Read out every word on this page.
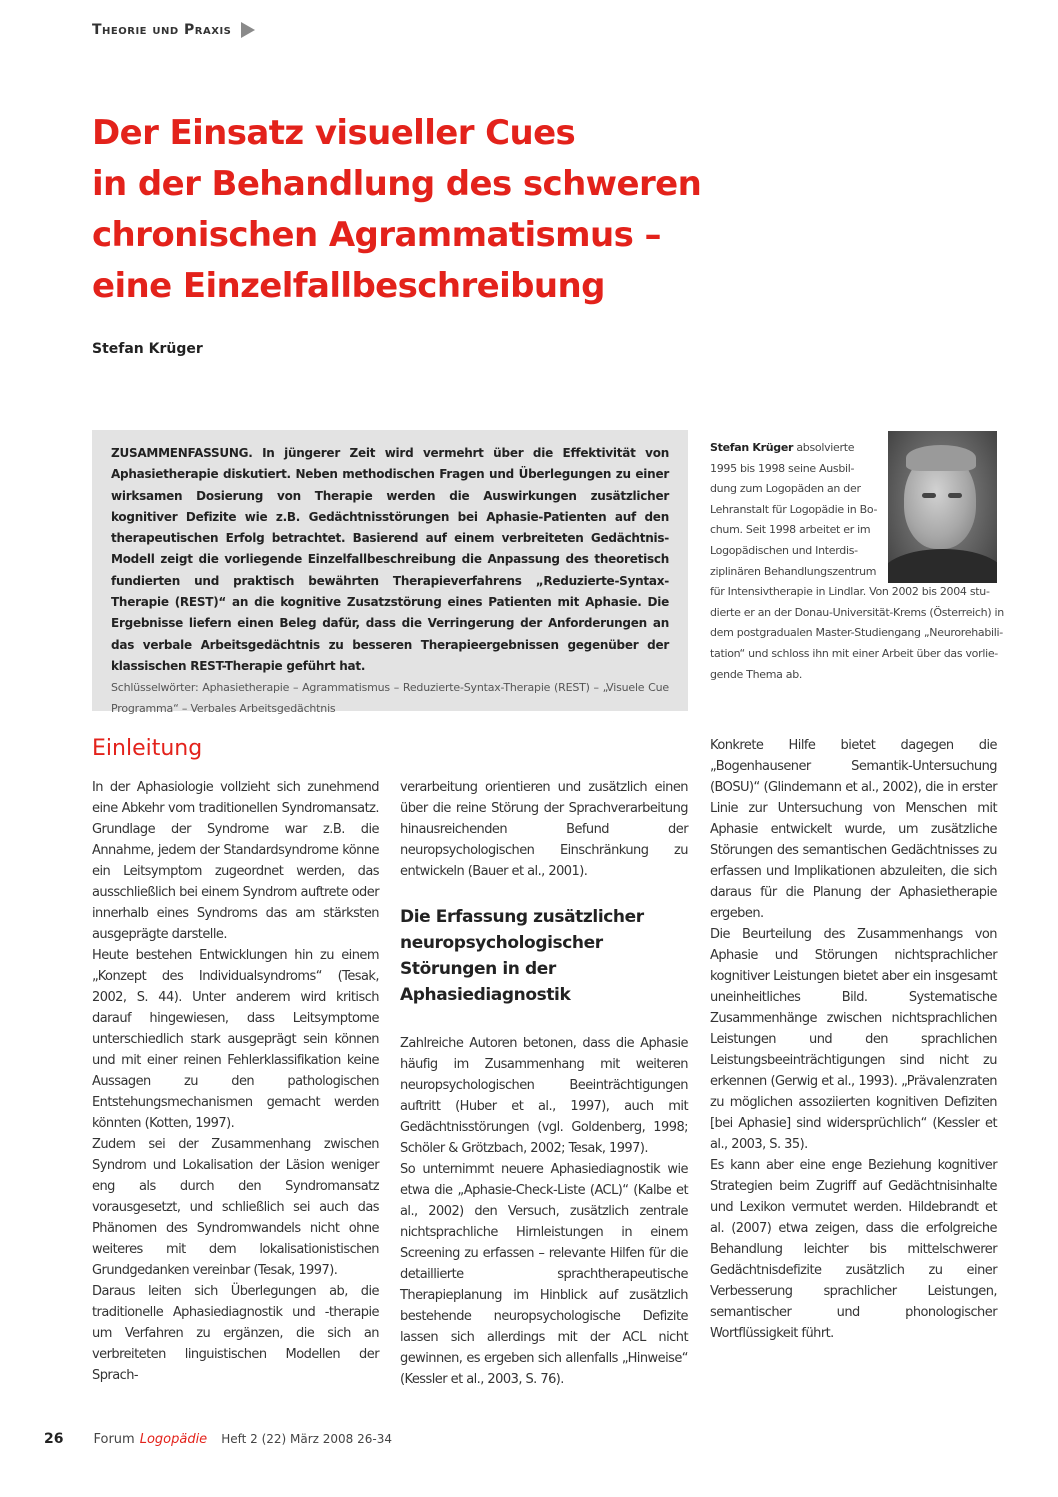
Theorie und Praxis
Der Einsatz visueller Cues
in der Behandlung des schweren
chronischen Agrammatismus –
eine Einzelfallbeschreibung
Stefan Krüger
ZUSAMMENFASSUNG. In jüngerer Zeit wird vermehrt über die Effektivität von Aphasietherapie diskutiert. Neben methodischen Fragen und Überlegungen zu einer wirksamen Dosierung von Therapie werden die Auswirkungen zusätzlicher kognitiver Defizite wie z.B. Gedächtnisstörungen bei Aphasie-Patienten auf den therapeutischen Erfolg betrachtet. Basierend auf einem verbreiteten Gedächtnis-Modell zeigt die vorliegende Einzelfallbeschreibung die Anpassung des theoretisch fundierten und praktisch bewährten Therapieverfahrens „Reduzierte-Syntax-Therapie (REST)“ an die kognitive Zusatzstörung eines Patienten mit Aphasie. Die Ergebnisse liefern einen Beleg dafür, dass die Verringerung der Anforderungen an das verbale Arbeitsgedächtnis zu besseren Therapieergebnissen gegenüber der klassischen REST-Therapie geführt hat.
Schlüsselwörter: Aphasietherapie – Agrammatismus – Reduzierte-Syntax-Therapie (REST) – „Visuele Cue Programma“ – Verbales Arbeitsgedächtnis
Stefan Krüger absolvierte
1995 bis 1998 seine Ausbil-
dung zum Logopäden an der
Lehranstalt für Logopädie in Bo-
chum. Seit 1998 arbeitet er im
Logopädischen und Interdis-
ziplinären Behandlungszentrum
für Intensivtherapie in Lindlar. Von 2002 bis 2004 stu-
dierte er an der Donau-Universität-Krems (Österreich) in
dem postgradualen Master-Studiengang „Neurorehabili-
tation“ und schloss ihn mit einer Arbeit über das vorlie-
gende Thema ab.
Einleitung

In der Aphasiologie vollzieht sich zunehmend eine Abkehr vom traditionellen Syndromansatz. Grundlage der Syndrome war z.B. die Annahme, jedem der Standardsyndrome könne ein Leitsymptom zugeordnet werden, das ausschließlich bei einem Syndrom auftrete oder innerhalb eines Syndroms das am stärksten ausgeprägte darstelle.

Heute bestehen Entwicklungen hin zu einem „Konzept des Individualsyndroms“ (Tesak, 2002, S. 44). Unter anderem wird kritisch darauf hingewiesen, dass Leitsymptome unterschiedlich stark ausgeprägt sein können und mit einer reinen Fehlerklassifikation keine Aussagen zu den pathologischen Entstehungsmechanismen gemacht werden könnten (Kotten, 1997).

Zudem sei der Zusammenhang zwischen Syndrom und Lokalisation der Läsion weniger eng als durch den Syndromansatz vorausgesetzt, und schließlich sei auch das Phänomen des Syndromwandels nicht ohne weiteres mit dem lokalisationistischen Grundgedanken vereinbar (Tesak, 1997).

Daraus leiten sich Überlegungen ab, die traditionelle Aphasiediagnostik und -therapie um Verfahren zu ergänzen, die sich an verbreiteten linguistischen Modellen der Sprach-

verarbeitung orientieren und zusätzlich einen über die reine Störung der Sprachverarbeitung hinausreichenden Befund der neuropsychologischen Einschränkung zu entwickeln (Bauer et al., 2001).

Die Erfassung zusätzlicher neuropsychologischer Störungen in der Aphasiediagnostik

Zahlreiche Autoren betonen, dass die Aphasie häufig im Zusammenhang mit weiteren neuropsychologischen Beeinträchtigungen auftritt (Huber et al., 1997), auch mit Gedächtnisstörungen (vgl. Goldenberg, 1998; Schöler & Grötzbach, 2002; Tesak, 1997).

So unternimmt neuere Aphasiediagnostik wie etwa die „Aphasie-Check-Liste (ACL)“ (Kalbe et al., 2002) den Versuch, zusätzlich zentrale nichtsprachliche Hirnleistungen in einem Screening zu erfassen – relevante Hilfen für die detaillierte sprachtherapeutische Therapieplanung im Hinblick auf zusätzlich bestehende neuropsychologische Defizite lassen sich allerdings mit der ACL nicht gewinnen, es ergeben sich allenfalls „Hinweise“ (Kessler et al., 2003, S. 76).

Konkrete Hilfe bietet dagegen die „Bogenhausener Semantik-Untersuchung (BOSU)“ (Glindemann et al., 2002), die in erster Linie zur Untersuchung von Menschen mit Aphasie entwickelt wurde, um zusätzliche Störungen des semantischen Gedächtnisses zu erfassen und Implikationen abzuleiten, die sich daraus für die Planung der Aphasietherapie ergeben.

Die Beurteilung des Zusammenhangs von Aphasie und Störungen nichtsprachlicher kognitiver Leistungen bietet aber ein insgesamt uneinheitliches Bild. Systematische Zusammenhänge zwischen nichtsprachlichen Leistungen und den sprachlichen Leistungsbeeinträchtigungen sind nicht zu erkennen (Gerwig et al., 1993). „Prävalenzraten zu möglichen assoziierten kognitiven Defiziten [bei Aphasie] sind widersprüchlich“ (Kessler et al., 2003, S. 35).

Es kann aber eine enge Beziehung kognitiver Strategien beim Zugriff auf Gedächtnisinhalte und Lexikon vermutet werden. Hildebrandt et al. (2007) etwa zeigen, dass die erfolgreiche Behandlung leichter bis mittelschwerer Gedächtnisdefizite zusätzlich zu einer Verbesserung sprachlicher Leistungen, semantischer und phonologischer Wortflüssigkeit führt.

26 Forum Logopädie Heft 2 (22) März 2008 26-34
